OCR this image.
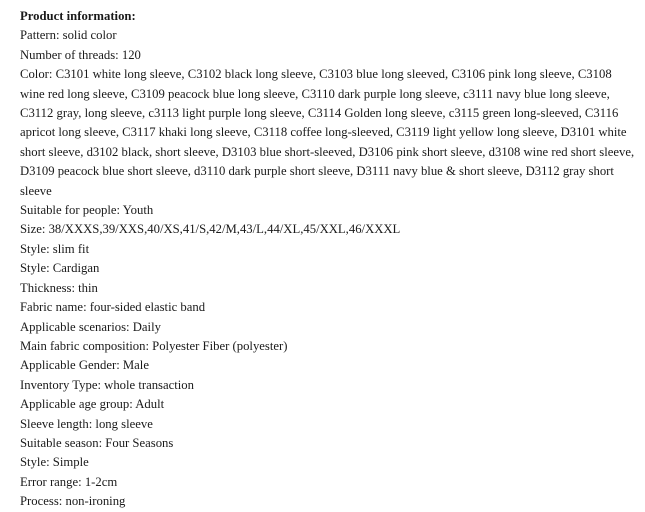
Product information:

Pattern: solid color

Number of threads: 120

Color: C3101 white long sleeve, C3102 black long sleeve, C3103 blue long sleeved, C3106 pink long sleeve, C3108 wine red long sleeve, C3109 peacock blue long sleeve, C3110 dark purple long sleeve, c3111 navy blue long sleeve, C3112 gray, long sleeve, c3113 light purple long sleeve, C3114 Golden long sleeve, c3115 green long-sleeved, C3116 apricot long sleeve, C3117 khaki long sleeve, C3118 coffee long-sleeved, C3119 light yellow long sleeve, D3101 white short sleeve, d3102 black, short sleeve, D3103 blue short-sleeved, D3106 pink short sleeve, d3108 wine red short sleeve, D3109 peacock blue short sleeve, d3110 dark purple short sleeve, D3111 navy blue & short sleeve, D3112 gray short sleeve

Suitable for people: Youth

Size: 38/XXXS,39/XXS,40/XS,41/S,42/M,43/L,44/XL,45/XXL,46/XXXL

Style: slim fit

Style: Cardigan

Thickness: thin

Fabric name: four-sided elastic band

Applicable scenarios: Daily

Main fabric composition: Polyester Fiber (polyester)

Applicable Gender: Male

Inventory Type: whole transaction

Applicable age group: Adult

Sleeve length: long sleeve

Suitable season: Four Seasons

Style: Simple

Error range: 1-2cm

Process: non-ironing
